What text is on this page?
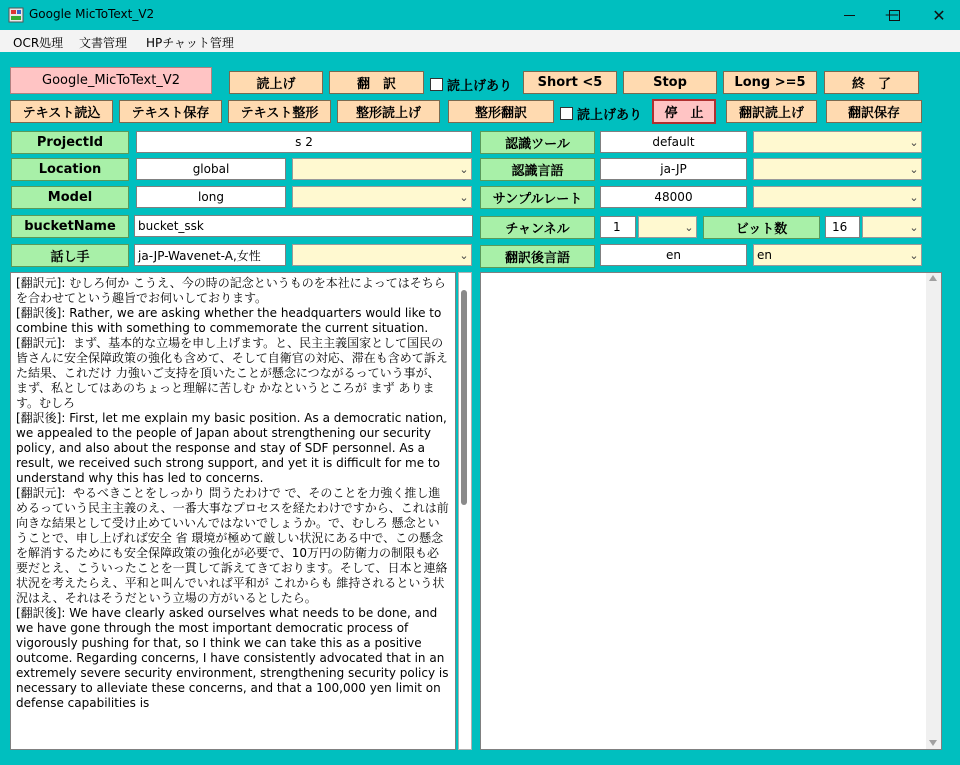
Google MicToText_V2	— ✕
OCR処理 文書管理 HPチャット管理
Google_MicToText_V2	読上げ	翻　訳	読上げあり	Short <5	Stop	Long >=5	終　了
テキスト読込	テキスト保存	テキスト整形	整形読上げ	整形翻訳	読上げあり	停　止	翻訳読上げ	翻訳保存
ProjectId	s 2
Location	global	⌄
Model	long	⌄
bucketName	bucket_ssk
話し手	ja-JP-Wavenet-A,女性	⌄
認識ツール	default	⌄
認識言語	ja-JP	⌄
サンプルレート	48000	⌄
チャンネル	1	⌄	ビット数	16	⌄
翻訳後言語	en	en	⌄

[翻訳元]: むしろ何か こうえ、今の時の記念というものを本社によってはそちらを合わせてという趣旨でお伺いしております。

[翻訳後]: Rather, we are asking whether the headquarters would like to combine this with something to commemorate the current situation.

[翻訳元]:  まず、基本的な立場を申し上げます。と、民主主義国家として国民の皆さんに安全保障政策の強化も含めて、そして自衛官の対応、滞在も含めて訴えた結果、これだけ 力強いご支持を頂いたことが懸念につながるっていう事が、まず、私としてはあのちょっと理解に苦しむ かなというところが まず あります。むしろ

[翻訳後]: First, let me explain my basic position. As a democratic nation, we appealed to the people of Japan about strengthening our security policy, and also about the response and stay of SDF personnel. As a result, we received such strong support, and yet it is difficult for me to understand why this has led to concerns.

[翻訳元]:  やるべきことをしっかり 問うたわけで で、そのことを力強く推し進めるっていう民主主義のえ、一番大事なプロセスを経たわけですから、これは前向きな結果として受け止めていいんではないでしょうか。で、むしろ 懸念ということで、申し上げれば安全 省 環境が極めて厳しい状況にある中で、この懸念を解消するためにも安全保障政策の強化が必要で、10万円の防衛力の制限も必要だとえ、こういったことを一貫して訴えてきております。そして、日本と連絡状況を考えたらえ、平和と叫んでいれば平和が これからも 維持されるという状況はえ、それはそうだという立場の方がいるとしたら。

[翻訳後]: We have clearly asked ourselves what needs to be done, and we have gone through the most important democratic process of vigorously pushing for that, so I think we can take this as a positive outcome. Regarding concerns, I have consistently advocated that in an extremely severe security environment, strengthening security policy is necessary to alleviate these concerns, and that a 100,000 yen limit on defense capabilities is
